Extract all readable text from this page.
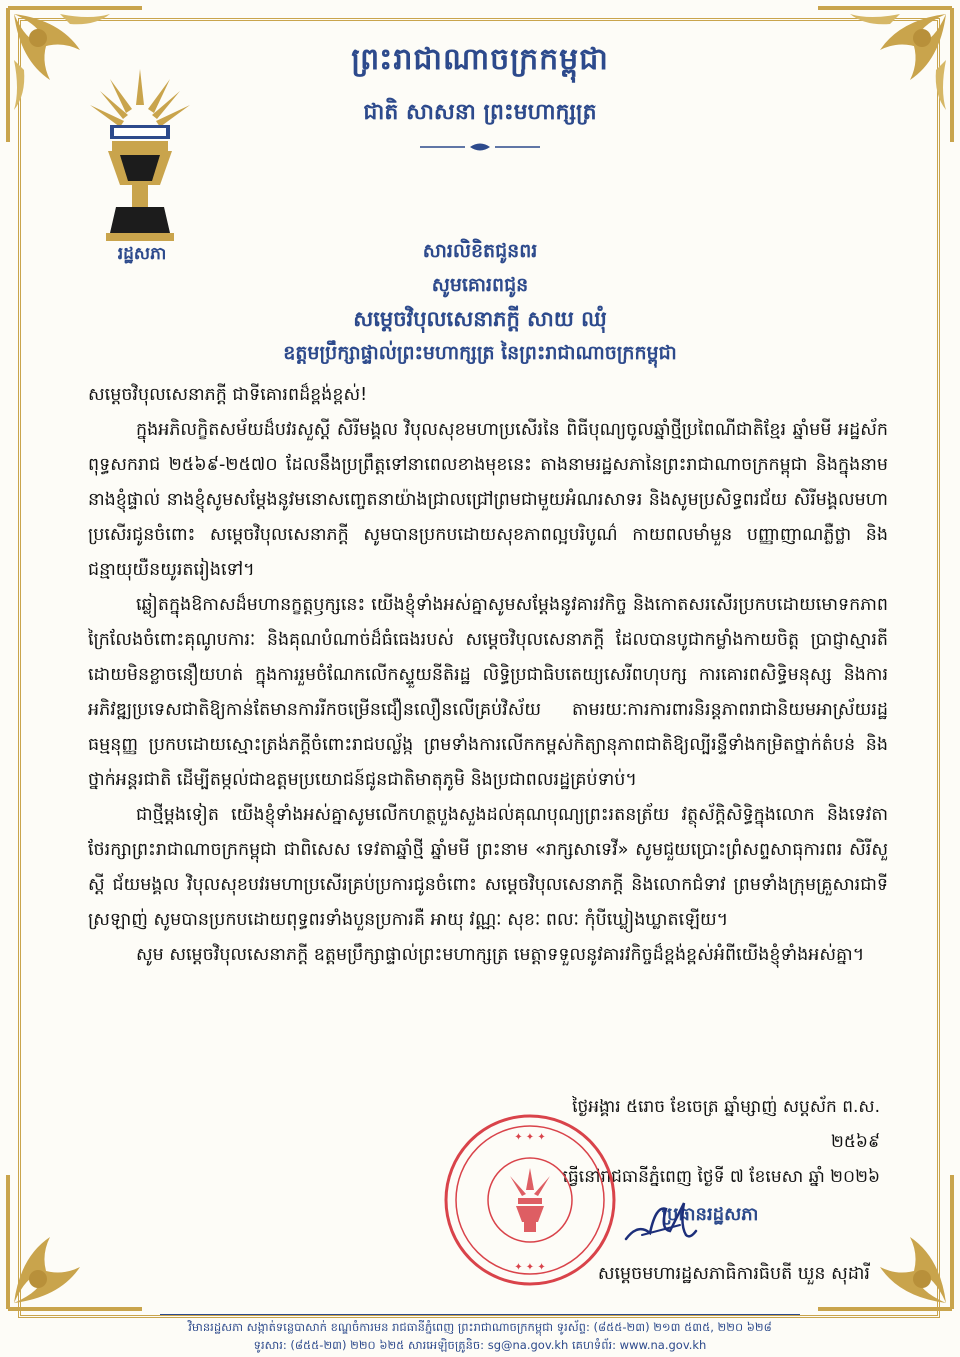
ព្រះរាជាណាចក្រកម្ពុជា
ជាតិ សាសនា ព្រះមហាក្សត្រ
រដ្ឋសភា	សារលិខិតជូនពរ
សូមគោរពជូន
សម្តេចវិបុលសេនាភក្តី សាយ ឈុំ
ឧត្តមប្រឹក្សាផ្ទាល់ព្រះមហាក្សត្រ នៃព្រះរាជាណាចក្រកម្ពុជា

សម្តេចវិបុលសេនាភក្តី ជាទីគោរពដ៏ខ្ពង់ខ្ពស់!

ក្នុងអភិលក្ខិតសម័យដ៏បវរសួស្តី សិរីមង្គល វិបុលសុខមហាប្រសើរនៃ ពិធីបុណ្យចូលឆ្នាំថ្មីប្រពៃណីជាតិខ្មែរ ឆ្នាំមមី អដ្ឋស័ក ពុទ្ធសករាជ ២៥៦៩-២៥៧០ ដែលនឹងប្រព្រឹត្តទៅនាពេលខាងមុខនេះ តាងនាមរដ្ឋសភានៃព្រះរាជាណាចក្រកម្ពុជា និងក្នុងនាមនាងខ្ញុំផ្ទាល់ នាងខ្ញុំសូមសម្តែងនូវមនោសញ្ចេតនាយ៉ាងជ្រាលជ្រៅព្រមជាមួយអំណរសាទរ និងសូមប្រសិទ្ធពរជ័យ សិរីមង្គលមហាប្រសើរជូនចំពោះ សម្តេចវិបុលសេនាភក្តី សូមបានប្រកបដោយសុខភាពល្អបរិបូណ៌ កាយពលមាំមួន បញ្ញាញាណភ្លឺថ្លា និងជន្មាយុយឺនយូរតរៀងទៅ។

ឆ្លៀតក្នុងឱកាសដ៏មហានក្ខត្តឫក្សនេះ យើងខ្ញុំទាំងអស់គ្នាសូមសម្តែងនូវគារវកិច្ច និងកោតសរសើរប្រកបដោយមោទកភាពក្រៃលែងចំពោះគុណូបការៈ និងគុណបំណាច់ដ៏ធំធេងរបស់ សម្តេចវិបុលសេនាភក្តី ដែលបានបូជាកម្លាំងកាយចិត្ត ប្រាជ្ញាស្មារតី ដោយមិនខ្លាចនឿយហត់ ក្នុងការរួមចំណែកលើកស្ទួយនីតិរដ្ឋ លិទ្ធិប្រជាធិបតេយ្យសេរីពហុបក្ស ការគោរពសិទ្ធិមនុស្ស និងការអភិវឌ្ឍប្រទេសជាតិឱ្យកាន់តែមានការរីកចម្រើនជឿនលឿនលើគ្រប់វិស័យ តាមរយៈការការពារនិរន្តភាពរាជានិយមអាស្រ័យរដ្ឋធម្មនុញ្ញ ប្រកបដោយស្មោះត្រង់ភក្តីចំពោះរាជបល្ល័ង្ក ព្រមទាំងការលើកកម្ពស់កិត្យានុភាពជាតិឱ្យល្បីរន្ទឺទាំងកម្រិតថ្នាក់តំបន់ និងថ្នាក់អន្តរជាតិ ដើម្បីតម្កល់ជាឧត្តមប្រយោជន៍ជូនជាតិមាតុភូមិ និងប្រជាពលរដ្ឋគ្រប់ទាប់។

ជាថ្មីម្តងទៀត យើងខ្ញុំទាំងអស់គ្នាសូមលើកហត្ថបួងសួងដល់គុណបុណ្យព្រះរតនត្រ័យ វត្ថុស័ក្តិសិទ្ធិក្នុងលោក និងទេវតាថែរក្សាព្រះរាជាណាចក្រកម្ពុជា ជាពិសេស ទេវតាឆ្នាំថ្មី ឆ្នាំមមី ព្រះនាម «រាក្សសាទេវី» សូមជួយប្រោះព្រំសព្ទសាធុការពរ សិរីសួស្តី ជ័យមង្គល វិបុលសុខបវរមហាប្រសើរគ្រប់ប្រការជូនចំពោះ សម្តេចវិបុលសេនាភក្តី និងលោកជំទាវ ព្រមទាំងក្រុមគ្រួសារជាទីស្រឡាញ់ សូមបានប្រកបដោយពុទ្ធពរទាំងបួនប្រការគឺ អាយុ វណ្ណៈ សុខៈ ពលៈ កុំបីឃ្លៀងឃ្លាតឡើយ។

សូម សម្តេចវិបុលសេនាភក្តី ឧត្តមប្រឹក្សាផ្ទាល់ព្រះមហាក្សត្រ មេត្តាទទួលនូវគារវកិច្ចដ៏ខ្ពង់ខ្ពស់អំពីយើងខ្ញុំទាំងអស់គ្នា។

ថ្ងៃអង្គារ ៥រោច ខែចេត្រ ឆ្នាំម្សាញ់ សប្តស័ក ព.ស. ២៥៦៩
ធ្វើនៅរាជធានីភ្នំពេញ ថ្ងៃទី ៧ ខែមេសា ឆ្នាំ ២០២៦
ប្រធានរដ្ឋសភា
✦ ✦ ✦
✦ ✦ ✦	សម្តេចមហារដ្ឋសភាធិការធិបតី ឃួន សុដារី
វិមានរដ្ឋសភា សង្កាត់ទន្លេបាសាក់ ខណ្ឌចំការមន រាជធានីភ្នំពេញ ព្រះរាជាណាចក្រកម្ពុជា ទូរស័ព្ទ: (៨៥៥-២៣) ២១៣ ៥៣៥, ២២០ ៦២៨
ទូរសារ: (៨៥៥-២៣) ២២០ ៦២៥ សារអេឡិចត្រូនិច: sg@na.gov.kh គេហទំព័រ: www.na.gov.kh
